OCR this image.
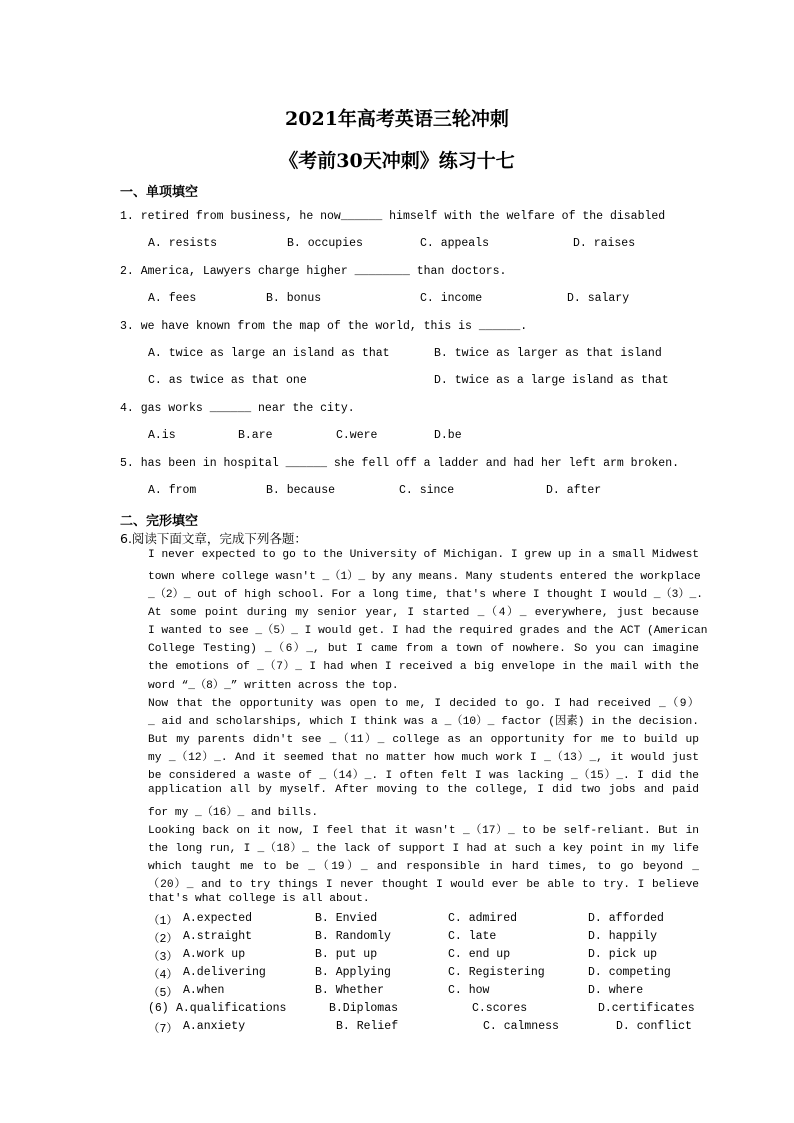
2021年高考英语三轮冲刺
《考前30天冲刺》练习十七
一、单项填空
1. retired from business, he now______ himself with the welfare of the disabled
A. resists	B. occupies	C. appeals	D. raises
2. America, Lawyers charge higher ________ than doctors.
A. fees	B. bonus	C. income	D. salary
3. we have known from the map of the world, this is ______.
A. twice as large an island as that	B. twice as larger as that island
C. as twice as that one	D. twice as a large island as that
4. gas works ______ near the city.
A.is	B.are	C.were	D.be
5. has been in hospital ______ she fell off a ladder and had her left arm broken.
A. from	B. because	C. since	D. after
二、完形填空
6.阅读下面文章，完成下列各题：
I never expected to go to the University of Michigan. I grew up in a small Midwest
town where college wasn't _（1）_ by any means. Many students entered the workplace
_（2）_ out of high school. For a long time, that's where I thought I would _（3）_.
At some point during my senior year, I started _（4）_ everywhere, just because
I wanted to see _（5）_ I would get. I had the required grades and the ACT (American
College Testing) _（6）_, but I came from a town of nowhere. So you can imagine
the emotions of _（7）_ I had when I received a big envelope in the mail with the
word “_（8）_” written across the top.
Now that the opportunity was open to me, I decided to go. I had received _（9）
_ aid and scholarships, which I think was a _（10）_ factor (因素) in the decision.
But my parents didn't see _（11）_ college as an opportunity for me to build up
my _（12）_. And it seemed that no matter how much work I _（13）_, it would just
be considered a waste of _（14）_. I often felt I was lacking _（15）_. I did the
application all by myself. After moving to the college, I did two jobs and paid
for my _（16）_ and bills.
Looking back on it now, I feel that it wasn't _（17）_ to be self-reliant. But in
the long run, I _（18）_ the lack of support I had at such a key point in my life
which taught me to be _（19）_ and responsible in hard times, to go beyond _
（20）_ and to try things I never thought I would ever be able to try. I believe
that's what college is all about.
（1） A.expected	B. Envied	C. admired	D. afforded
（2） A.straight	B. Randomly	C. late	D. happily
（3） A.work up	B. put up	C. end up	D. pick up
（4） A.delivering	B. Applying	C. Registering	D. competing
（5） A.when	B. Whether	C. how	D. where
(6) A.qualifications	B.Diplomas	C.scores	D.certificates
（7） A.anxiety	B. Relief	C. calmness	D. conflict
